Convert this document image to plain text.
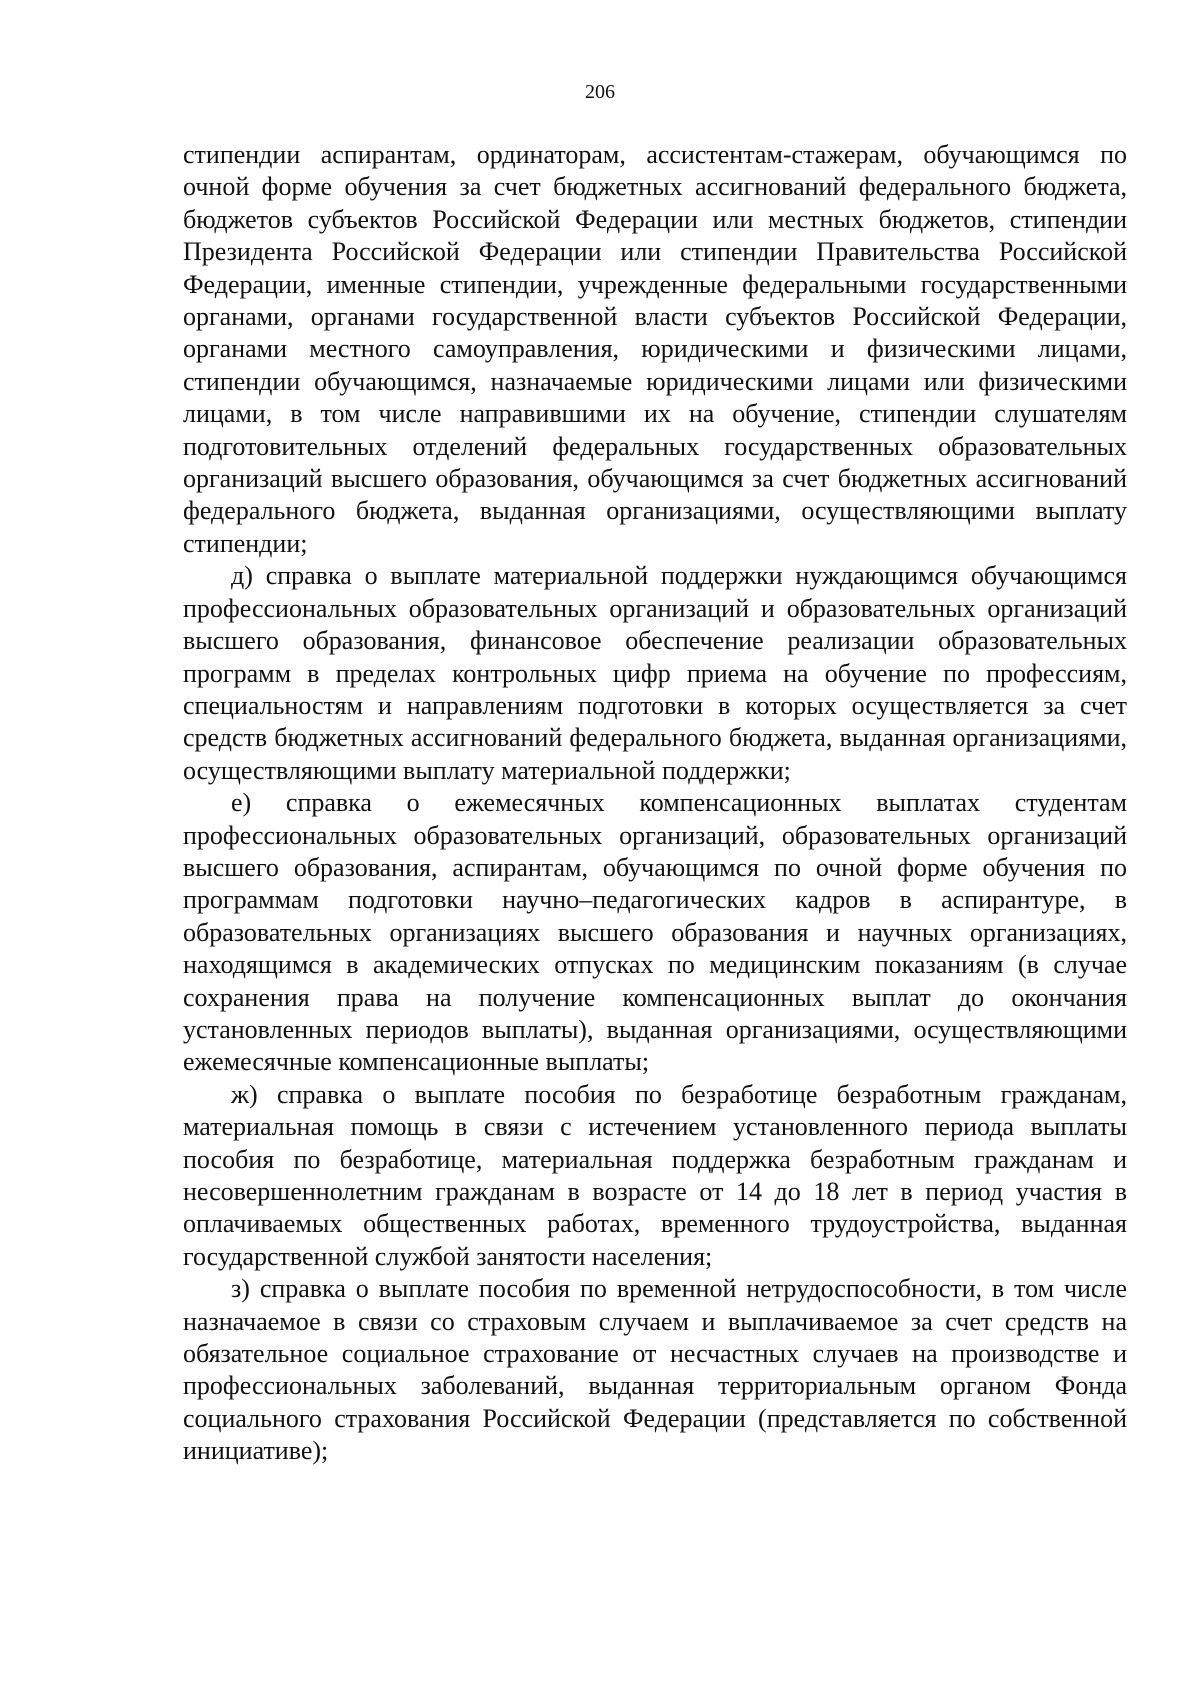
206

стипендии аспирантам, ординаторам, ассистентам-стажерам, обучающимся по очной форме обучения за счет бюджетных ассигнований федерального бюджета, бюджетов субъектов Российской Федерации или местных бюджетов, стипендии Президента Российской Федерации или стипендии Правительства Российской Федерации, именные стипендии, учрежденные федеральными государственными органами, органами государственной власти субъектов Российской Федерации, органами местного самоуправления, юридическими и физическими лицами, стипендии обучающимся, назначаемые юридическими лицами или физическими лицами, в том числе направившими их на обучение, стипендии слушателям подготовительных отделений федеральных государственных образовательных организаций высшего образования, обучающимся за счет бюджетных ассигнований федерального бюджета, выданная организациями, осуществляющими выплату стипендии;

д) справка о выплате материальной поддержки нуждающимся обучающимся профессиональных образовательных организаций и образовательных организаций высшего образования, финансовое обеспечение реализации образовательных программ в пределах контрольных цифр приема на обучение по профессиям, специальностям и направлениям подготовки в которых осуществляется за счет средств бюджетных ассигнований федерального бюджета, выданная организациями, осуществляющими выплату материальной поддержки;

е) справка о ежемесячных компенсационных выплатах студентам профессиональных образовательных организаций, образовательных организаций высшего образования, аспирантам, обучающимся по очной форме обучения по программам подготовки научно–педагогических кадров в аспирантуре, в образовательных организациях высшего образования и научных организациях, находящимся в академических отпусках по медицинским показаниям (в случае сохранения права на получение компенсационных выплат до окончания установленных периодов выплаты), выданная организациями, осуществляющими ежемесячные компенсационные выплаты;

ж) справка о выплате пособия по безработице безработным гражданам, материальная помощь в связи с истечением установленного периода выплаты пособия по безработице, материальная поддержка безработным гражданам и несовершеннолетним гражданам в возрасте от 14 до 18 лет в период участия в оплачиваемых общественных работах, временного трудоустройства, выданная государственной службой занятости населения;

з) справка о выплате пособия по временной нетрудоспособности, в том числе назначаемое в связи со страховым случаем и выплачиваемое за счет средств на обязательное социальное страхование от несчастных случаев на производстве и профессиональных заболеваний, выданная территориальным органом Фонда социального страхования Российской Федерации (представляется по собственной инициативе);
